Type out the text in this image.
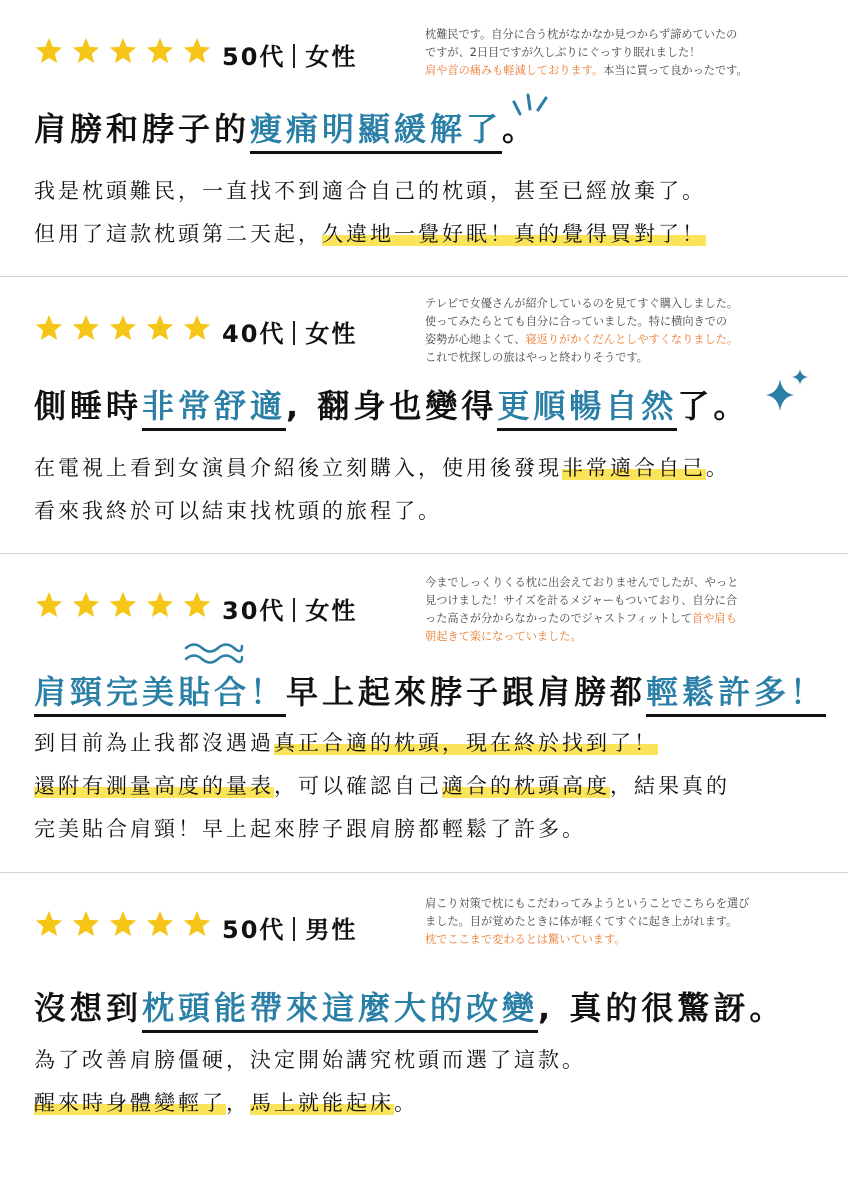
50代 女性
枕難民です。自分に合う枕がなかなか見つからず諦めていたの
ですが、2日目ですが久しぶりにぐっすり眠れました！
肩や首の痛みも軽減しております。本当に買って良かったです。
肩膀和脖子的瘦痛明顯緩解了。
我是枕頭難民，一直找不到適合自己的枕頭，甚至已經放棄了。
但用了這款枕頭第二天起，久違地一覺好眠！真的覺得買對了！
40代 女性
テレビで女優さんが紹介しているのを見てすぐ購入しました。
使ってみたらとても自分に合っていました。特に横向きでの
姿勢が心地よくて、寝返りがかくだんとしやすくなりました。
これで枕探しの旅はやっと終わりそうです。
側睡時非常舒適, 翻身也變得更順暢自然了。
在電視上看到女演員介紹後立刻購入，使用後發現非常適合自己。
看來我終於可以結束找枕頭的旅程了。
30代 女性
今までしっくりくる枕に出会えておりませんでしたが、やっと
見つけました！サイズを計るメジャーもついており、自分に合
った高さが分からなかったのでジャストフィットして首や肩も
朝起きて楽になっていました。
肩頸完美貼合！早上起來脖子跟肩膀都輕鬆許多！
到目前為止我都沒遇過真正合適的枕頭，現在終於找到了！
還附有測量高度的量表，可以確認自己適合的枕頭高度，結果真的
完美貼合肩頸！早上起來脖子跟肩膀都輕鬆了許多。
50代 男性
肩こり対策で枕にもこだわってみようということでこちらを選び
ました。目が覚めたときに体が軽くてすぐに起き上がれます。
枕でここまで変わるとは驚いています。
沒想到枕頭能帶來這麼大的改變, 真的很驚訝。
為了改善肩膀僵硬，決定開始講究枕頭而選了這款。
醒來時身體變輕了，馬上就能起床。
